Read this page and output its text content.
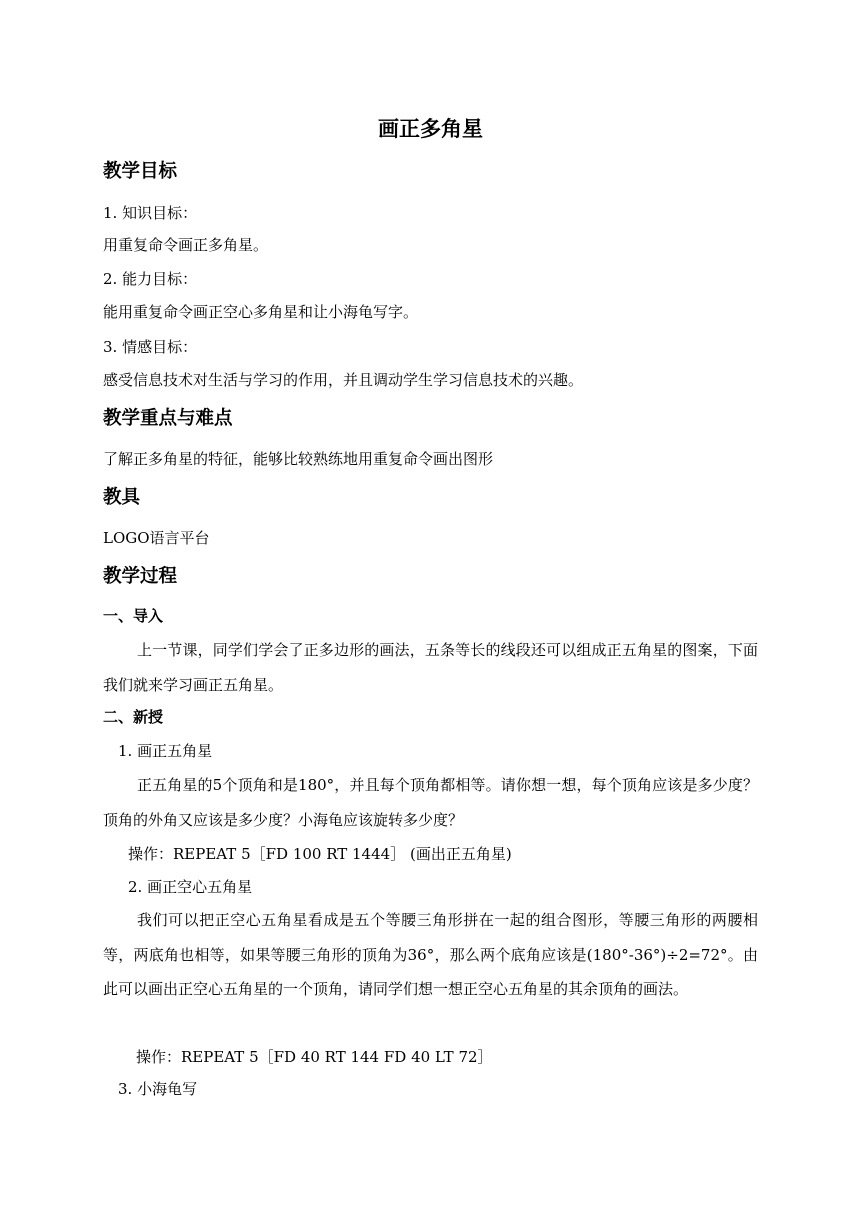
画正多角星
教学目标
1. 知识目标：
用重复命令画正多角星。
2. 能力目标：
能用重复命令画正空心多角星和让小海龟写字。
3. 情感目标：
感受信息技术对生活与学习的作用，并且调动学生学习信息技术的兴趣。
教学重点与难点
了解正多角星的特征，能够比较熟练地用重复命令画出图形
教具
LOGO语言平台
教学过程
一、导入
上一节课，同学们学会了正多边形的画法，五条等长的线段还可以组成正五角星的图案，下面我们就来学习画正五角星。
二、新授
1. 画正五角星
正五角星的5个顶角和是180°，并且每个顶角都相等。请你想一想，每个顶角应该是多少度？顶角的外角又应该是多少度？小海龟应该旋转多少度？
操作：REPEAT 5［FD 100 RT 1444］ (画出正五角星)
2. 画正空心五角星
我们可以把正空心五角星看成是五个等腰三角形拼在一起的组合图形，等腰三角形的两腰相等，两底角也相等，如果等腰三角形的顶角为36°，那么两个底角应该是(180°-36°)÷2=72°。由此可以画出正空心五角星的一个顶角，请同学们想一想正空心五角星的其余顶角的画法。
操作：REPEAT 5［FD 40 RT 144 FD 40 LT 72］
3. 小海龟写
